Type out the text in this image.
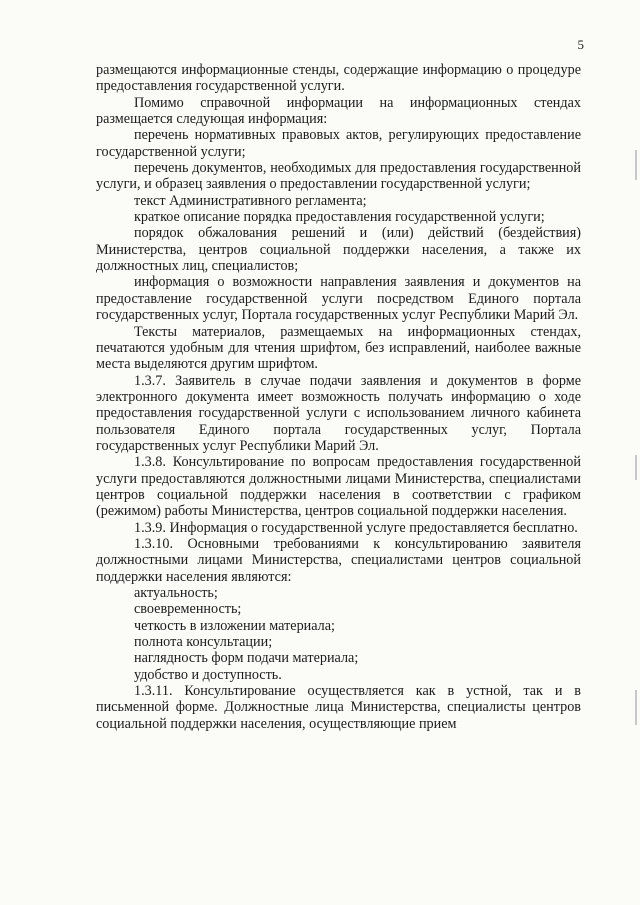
5

размещаются информационные стенды, содержащие информацию о процедуре предоставления государственной услуги.

Помимо справочной информации на информационных стендах размещается следующая информация:

перечень нормативных правовых актов, регулирующих предоставление государственной услуги;

перечень документов, необходимых для предоставления государственной услуги, и образец заявления о предоставлении государственной услуги;

текст Административного регламента;

краткое описание порядка предоставления государственной услуги;

порядок обжалования решений и (или) действий (бездействия) Министерства, центров социальной поддержки населения, а также их должностных лиц, специалистов;

информация о возможности направления заявления и документов на предоставление государственной услуги посредством Единого портала государственных услуг, Портала государственных услуг Республики Марий Эл.

Тексты материалов, размещаемых на информационных стендах, печатаются удобным для чтения шрифтом, без исправлений, наиболее важные места выделяются другим шрифтом.

1.3.7. Заявитель в случае подачи заявления и документов в форме электронного документа имеет возможность получать информацию о ходе предоставления государственной услуги с использованием личного кабинета пользователя Единого портала государственных услуг, Портала государственных услуг Республики Марий Эл.

1.3.8. Консультирование по вопросам предоставления государственной услуги предоставляются должностными лицами Министерства, специалистами центров социальной поддержки населения в соответствии с графиком (режимом) работы Министерства, центров социальной поддержки населения.

1.3.9. Информация о государственной услуге предоставляется бесплатно.

1.3.10. Основными требованиями к консультированию заявителя должностными лицами Министерства, специалистами центров социальной поддержки населения являются:

актуальность;

своевременность;

четкость в изложении материала;

полнота консультации;

наглядность форм подачи материала;

удобство и доступность.

1.3.11. Консультирование осуществляется как в устной, так и в письменной форме. Должностные лица Министерства, специалисты центров социальной поддержки населения, осуществляющие прием
